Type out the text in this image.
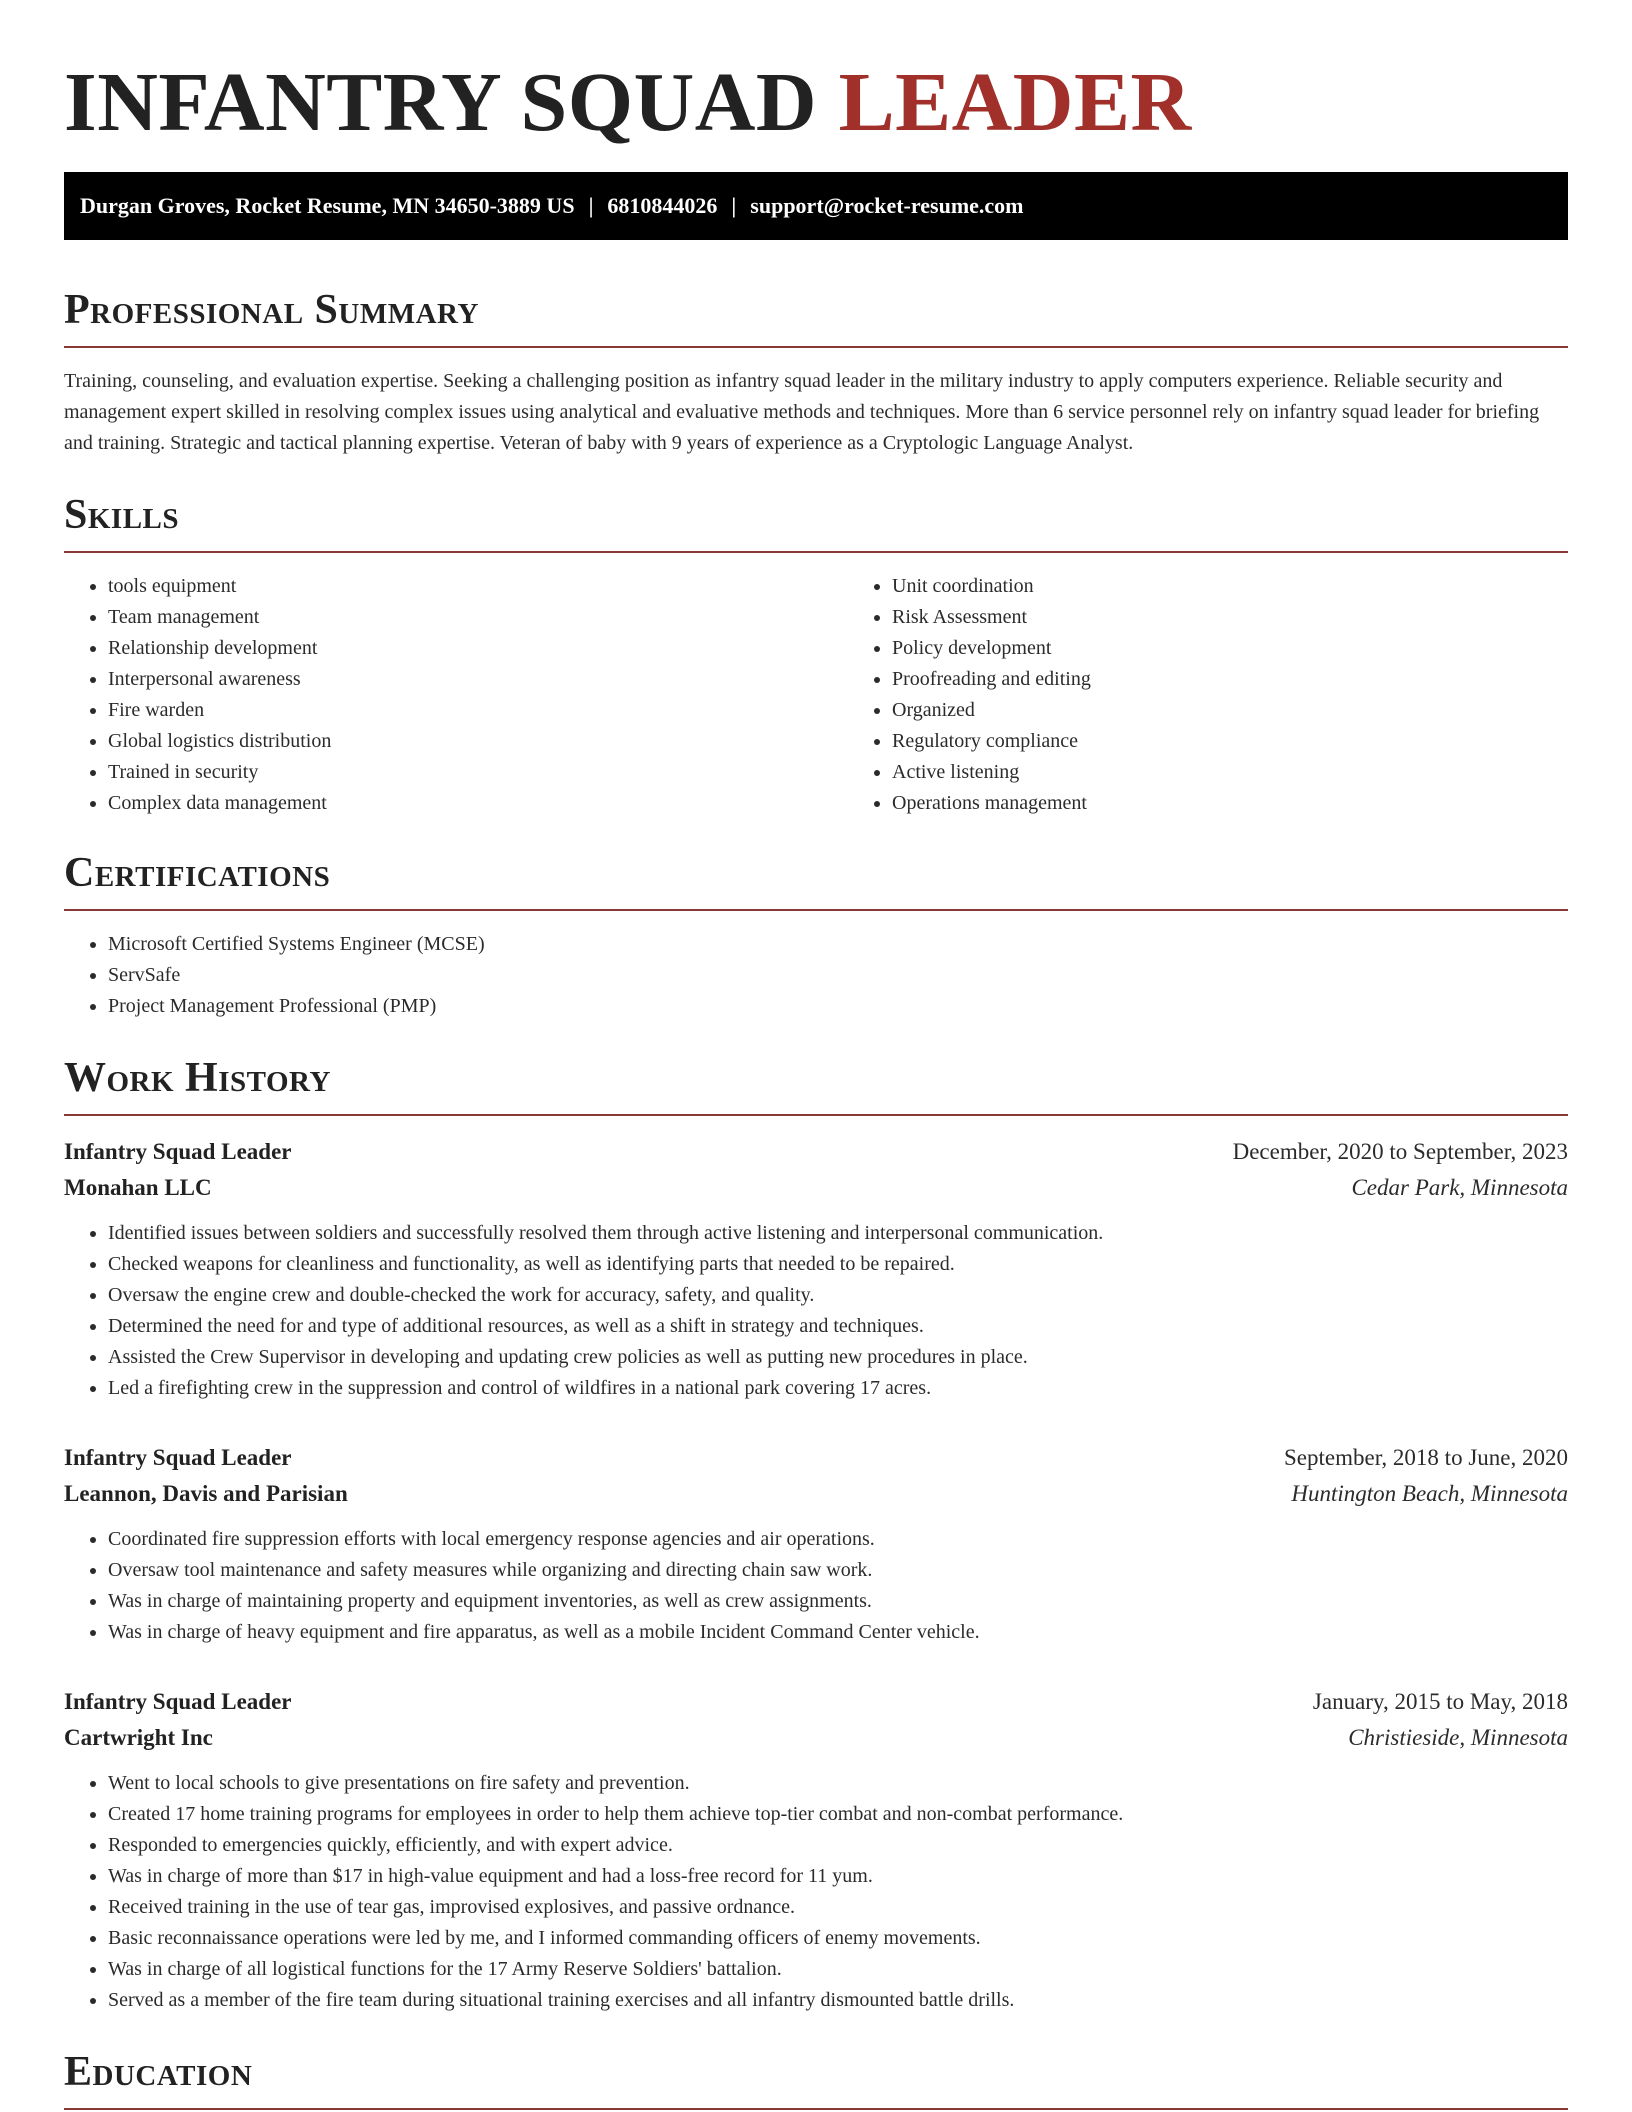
INFANTRY SQUAD LEADER
Durgan Groves, Rocket Resume, MN 34650-3889 US | 6810844026 | support@rocket-resume.com
Professional Summary

Training, counseling, and evaluation expertise. Seeking a challenging position as infantry squad leader in the military industry to apply computers experience. Reliable security and management expert skilled in resolving complex issues using analytical and evaluative methods and techniques. More than 6 service personnel rely on infantry squad leader for briefing and training. Strategic and tactical planning expertise. Veteran of baby with 9 years of experience as a Cryptologic Language Analyst.

Skills
• tools equipment
• Team management
• Relationship development
• Interpersonal awareness
• Fire warden
• Global logistics distribution
• Trained in security
• Complex data management
• Unit coordination
• Risk Assessment
• Policy development
• Proofreading and editing
• Organized
• Regulatory compliance
• Active listening
• Operations management
Certifications
• Microsoft Certified Systems Engineer (MCSE)
• ServSafe
• Project Management Professional (PMP)
Work History
Infantry Squad Leader	December, 2020 to September, 2023
Monahan LLC	Cedar Park, Minnesota
• Identified issues between soldiers and successfully resolved them through active listening and interpersonal communication.
• Checked weapons for cleanliness and functionality, as well as identifying parts that needed to be repaired.
• Oversaw the engine crew and double-checked the work for accuracy, safety, and quality.
• Determined the need for and type of additional resources, as well as a shift in strategy and techniques.
• Assisted the Crew Supervisor in developing and updating crew policies as well as putting new procedures in place.
• Led a firefighting crew in the suppression and control of wildfires in a national park covering 17 acres.
Infantry Squad Leader	September, 2018 to June, 2020
Leannon, Davis and Parisian	Huntington Beach, Minnesota
• Coordinated fire suppression efforts with local emergency response agencies and air operations.
• Oversaw tool maintenance and safety measures while organizing and directing chain saw work.
• Was in charge of maintaining property and equipment inventories, as well as crew assignments.
• Was in charge of heavy equipment and fire apparatus, as well as a mobile Incident Command Center vehicle.
Infantry Squad Leader	January, 2015 to May, 2018
Cartwright Inc	Christieside, Minnesota
• Went to local schools to give presentations on fire safety and prevention.
• Created 17 home training programs for employees in order to help them achieve top-tier combat and non-combat performance.
• Responded to emergencies quickly, efficiently, and with expert advice.
• Was in charge of more than $17 in high-value equipment and had a loss-free record for 11 yum.
• Received training in the use of tear gas, improvised explosives, and passive ordnance.
• Basic reconnaissance operations were led by me, and I informed commanding officers of enemy movements.
• Was in charge of all logistical functions for the 17 Army Reserve Soldiers' battalion.
• Served as a member of the fire team during situational training exercises and all infantry dismounted battle drills.
Education
